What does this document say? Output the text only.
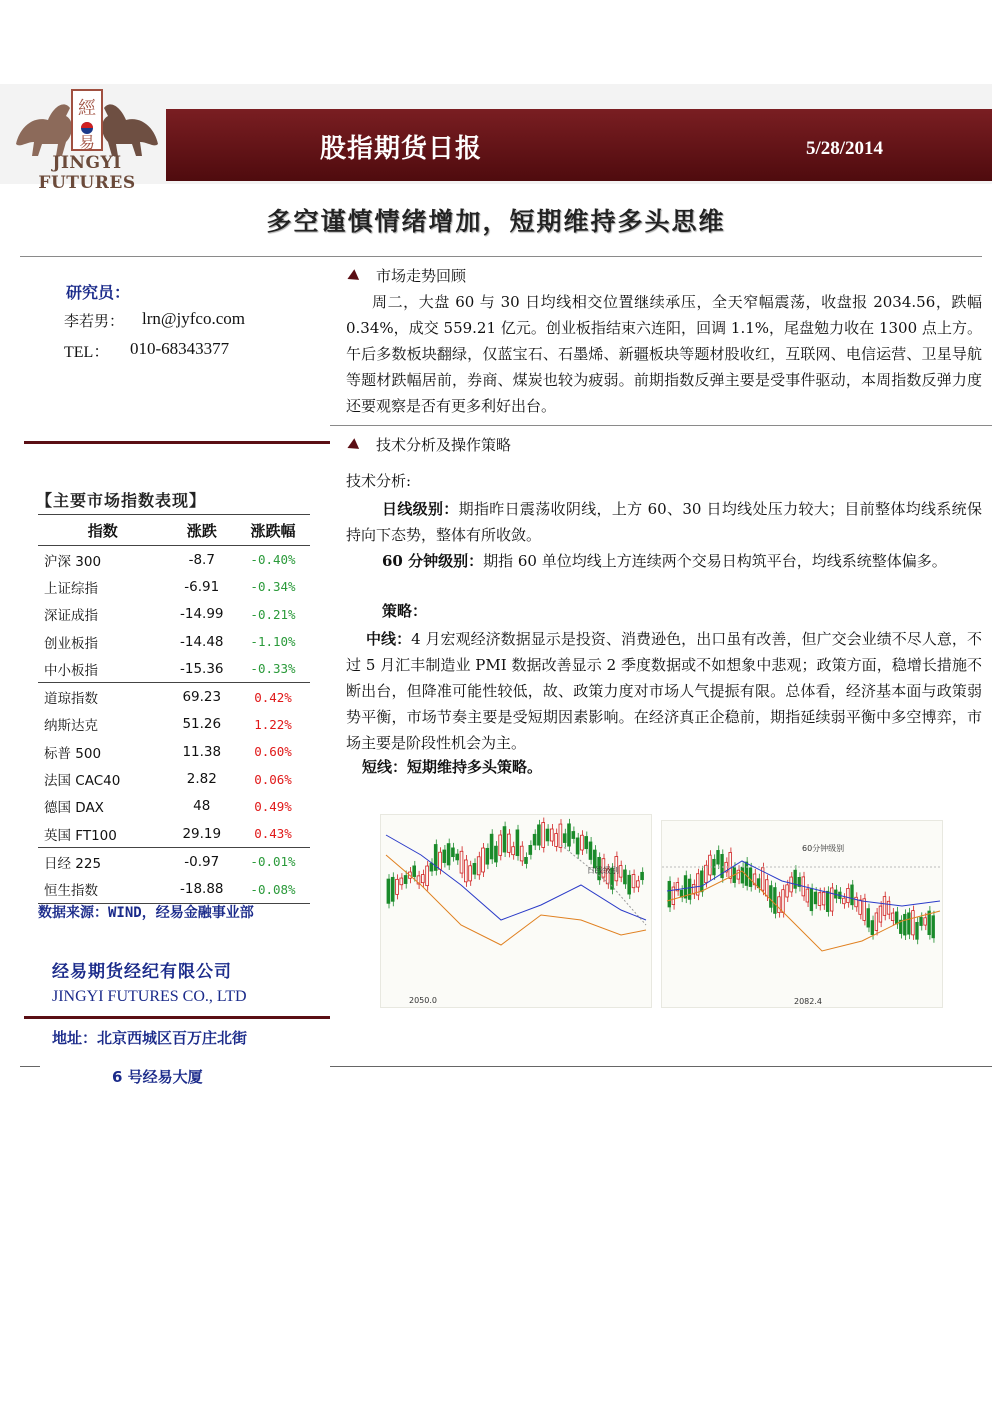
經
易
JINGYI FUTURES
股指期货日报	5/28/2014
多空谨慎情绪增加，短期维持多头思维
研究员：
李若男： lrn@jyfco.com
TEL： 010-68343377
【主要市场指数表现】
指数	涨跌	涨跌幅
沪深 300	-8.7	-0.40%
上证综指	-6.91	-0.34%
深证成指	-14.99	-0.21%
创业板指	-14.48	-1.10%
中小板指	-15.36	-0.33%
道琼指数	69.23	0.42%
纳斯达克	51.26	1.22%
标普 500	11.38	0.60%
法国 CAC40	2.82	0.06%
德国 DAX	48	0.49%
英国 FT100	29.19	0.43%
日经 225	-0.97	-0.01%
恒生指数	-18.88	-0.08%
数据来源：WIND，经易金融事业部
经易期货经纪有限公司
JINGYI FUTURES CO., LTD
地址：北京西城区百万庄北街
6 号经易大厦
市场走势回顾
周二，大盘 60 与 30 日均线相交位置继续承压，全天窄幅震荡，收盘报 2034.56，跌幅 0.34%，成交 559.21 亿元。创业板指结束六连阳，回调 1.1%，尾盘勉力收在 1300 点上方。午后多数板块翻绿，仅蓝宝石、石墨烯、新疆板块等题材股收红，互联网、电信运营、卫星导航等题材跌幅居前，券商、煤炭也较为疲弱。前期指数反弹主要是受事件驱动，本周指数反弹力度还要观察是否有更多利好出台。
技术分析及操作策略
技术分析:
日线级别：期指昨日震荡收阴线，上方 60、30 日均线处压力较大；目前整体均线系统保持向下态势，整体有所收敛。
60 分钟级别：期指 60 单位均线上方连续两个交易日构筑平台，均线系统整体偏多。
策略：
中线：4 月宏观经济数据显示是投资、消费逊色，出口虽有改善，但广交会业绩不尽人意，不过 5 月汇丰制造业 PMI 数据改善显示 2 季度数据或不如想象中悲观；政策方面，稳增长措施不断出台，但降准可能性较低，故、政策力度对市场人气提振有限。总体看，经济基本面与政策弱势平衡，市场节奏主要是受短期因素影响。在经济真正企稳前，期指延续弱平衡中多空博弈，市场主要是阶段性机会为主。
短线：短期维持多头策略。
日线级别
2050.0
60分钟级别
2082.4
